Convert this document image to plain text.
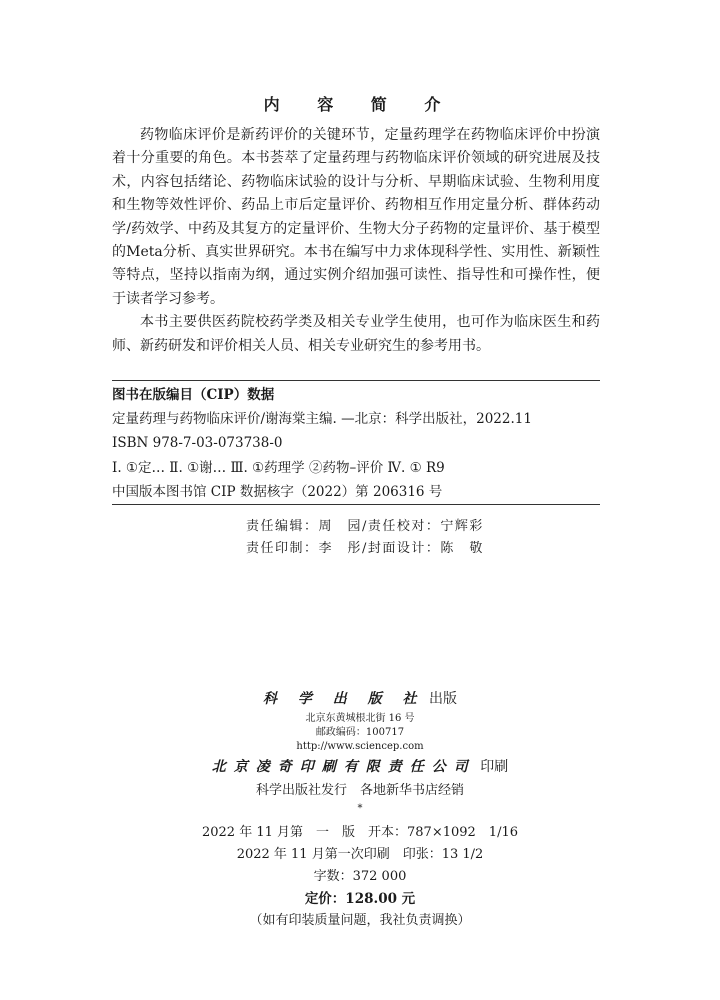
内 容 简 介

药物临床评价是新药评价的关键环节，定量药理学在药物临床评价中扮演着十分重要的角色。本书荟萃了定量药理与药物临床评价领域的研究进展及技术，内容包括绪论、药物临床试验的设计与分析、早期临床试验、生物利用度和生物等效性评价、药品上市后定量评价、药物相互作用定量分析、群体药动学/药效学、中药及其复方的定量评价、生物大分子药物的定量评价、基于模型的Meta分析、真实世界研究。本书在编写中力求体现科学性、实用性、新颖性等特点，坚持以指南为纲，通过实例介绍加强可读性、指导性和可操作性，便于读者学习参考。

本书主要供医药院校药学类及相关专业学生使用，也可作为临床医生和药师、新药研发和评价相关人员、相关专业研究生的参考用书。

图书在版编目（CIP）数据
定量药理与药物临床评价/谢海棠主编. —北京：科学出版社，2022.11
ISBN 978-7-03-073738-0
Ⅰ. ①定… Ⅱ. ①谢… Ⅲ. ①药理学 ②药物–评价 Ⅳ. ① R9
中国版本图书馆 CIP 数据核字（2022）第 206316 号
责任编辑：周　园/责任校对：宁辉彩
责任印制：李　彤/封面设计：陈　敬
科 学 出 版 社 出版
北京东黄城根北街 16 号
邮政编码：100717
http://www.sciencep.com
北京凌奇印刷有限责任公司 印刷
科学出版社发行　各地新华书店经销
*
2022 年 11 月第　一　版　开本：787×1092　1/16
2022 年 11 月第一次印刷　印张：13 1/2
字数：372 000
定价：128.00 元
（如有印装质量问题，我社负责调换）
